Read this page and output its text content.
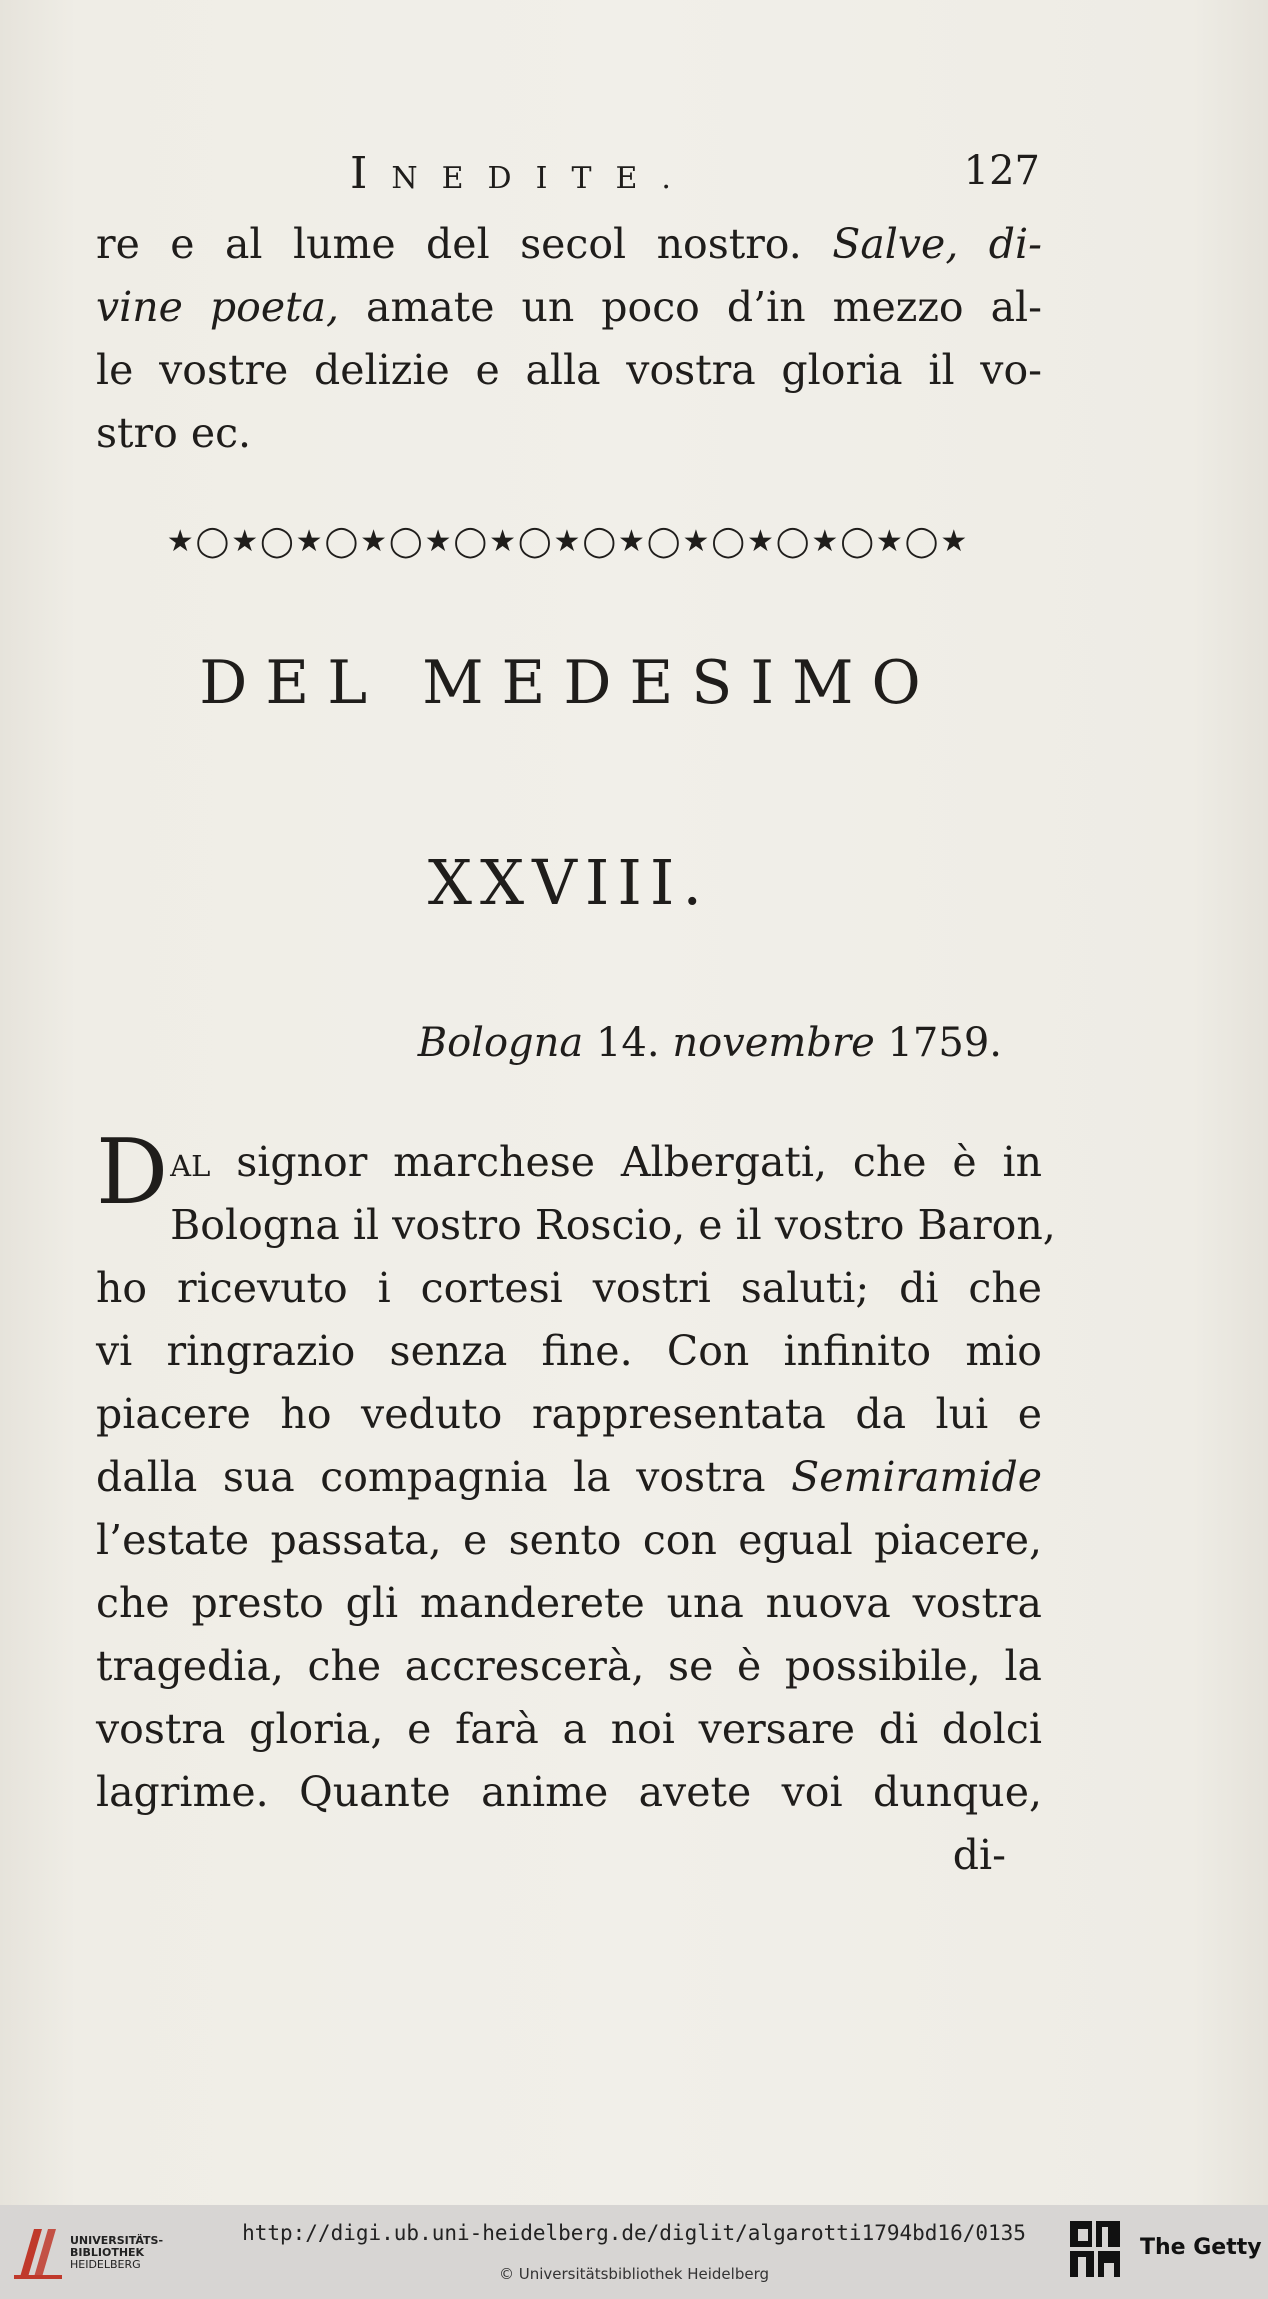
INEDITE.	127
re e al lume del secol nostro. Salve, di-
vine poeta, amate un poco d’in mezzo al-
le vostre delizie e alla vostra gloria il vo-
stro ec.
★◯★◯★◯★◯★◯★◯★◯★◯★◯★◯★◯★◯★
DEL MEDESIMO
XXVIII.
Bologna 14. novembre 1759.
Dal signor marchese Albergati, che è in
Bologna il vostro Roscio, e il vostro Baron,
ho ricevuto i cortesi vostri saluti; di che
vi ringrazio senza fine. Con infinito mio
piacere ho veduto rappresentata da lui e
dalla sua compagnia la vostra Semiramide
l’estate passata, e sento con egual piacere,
che presto gli manderete una nuova vostra
tragedia, che accrescerà, se è possibile, la
vostra gloria, e farà a noi versare di dolci
lagrime. Quante anime avete voi dunque,
di-
UNIVERSITÄTS-
BIBLIOTHEK
HEIDELBERG
http://digi.ub.uni-heidelberg.de/diglit/algarotti1794bd16/0135
© Universitätsbibliothek Heidelberg
The Getty
